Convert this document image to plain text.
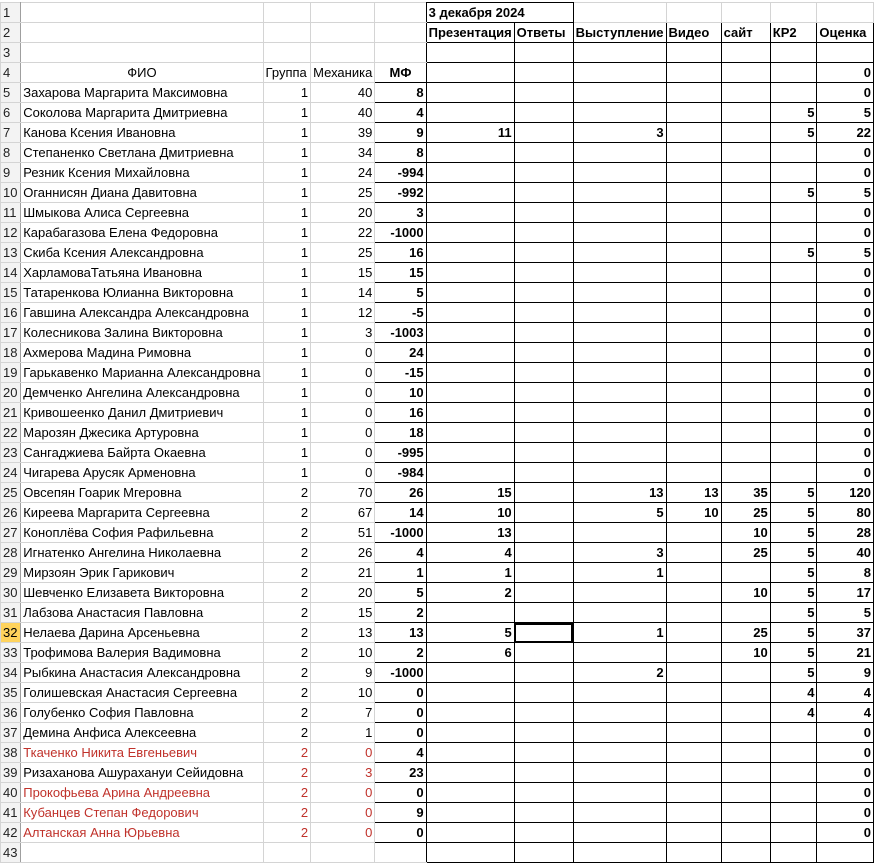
1					3 декабря 2024						
2					Презентация	Ответы	Выступление	Видео	сайт	КР2	Оценка
3											
4	ФИО	Группа	Механика	МФ							0
5	Захарова Маргарита Максимовна	1	40	8							0
6	Соколова Маргарита Дмитриевна	1	40	4						5	5
7	Канова Ксения Ивановна	1	39	9	11		3			5	22
8	Степаненко Светлана Дмитриевна	1	34	8							0
9	Резник Ксения Михайловна	1	24	-994							0
10	Оганнисян Диана Давитовна	1	25	-992						5	5
11	Шмыкова Алиса Сергеевна	1	20	3							0
12	Карабагазова Елена Федоровна	1	22	-1000							0
13	Скиба Ксения Александровна	1	25	16						5	5
14	ХарламоваТатьяна Ивановна	1	15	15							0
15	Татаренкова Юлианна Викторовна	1	14	5							0
16	Гавшина Александра Александровна	1	12	-5							0
17	Колесникова Залина Викторовна	1	3	-1003							0
18	Ахмерова Мадина Римовна	1	0	24							0
19	Гарькавенко Марианна Александровна	1	0	-15							0
20	Демченко Ангелина Александровна	1	0	10							0
21	Кривошеенко Данил Дмитриевич	1	0	16							0
22	Марозян Джесика Артуровна	1	0	18							0
23	Сангаджиева Байрта Окаевна	1	0	-995							0
24	Чигарева Арусяк Арменовна	1	0	-984							0
25	Овсепян Гоарик Мгеровна	2	70	26	15		13	13	35	5	120
26	Киреева Маргарита Сергеевна	2	67	14	10		5	10	25	5	80
27	Коноплёва София Рафильевна	2	51	-1000	13				10	5	28
28	Игнатенко Ангелина Николаевна	2	26	4	4		3		25	5	40
29	Мирзоян Эрик Гарикович	2	21	1	1		1			5	8
30	Шевченко Елизавета Викторовна	2	20	5	2				10	5	17
31	Лабзова Анастасия Павловна	2	15	2						5	5
32	Нелаева Дарина Арсеньевна	2	13	13	5		1		25	5	37
33	Трофимова Валерия Вадимовна	2	10	2	6				10	5	21
34	Рыбкина Анастасия Александровна	2	9	-1000			2			5	9
35	Голишевская Анастасия Сергеевна	2	10	0						4	4
36	Голубенко София Павловна	2	7	0						4	4
37	Демина Анфиса Алексеевна	2	1	0							0
38	Ткаченко Никита Евгеньевич	2	0	4							0
39	Ризаханова Ашурахануи Сейидовна	2	3	23							0
40	Прокофьева Арина Андреевна	2	0	0							0
41	Кубанцев Степан Федорович	2	0	9							0
42	Алтанская Анна Юрьевна	2	0	0							0
43											
